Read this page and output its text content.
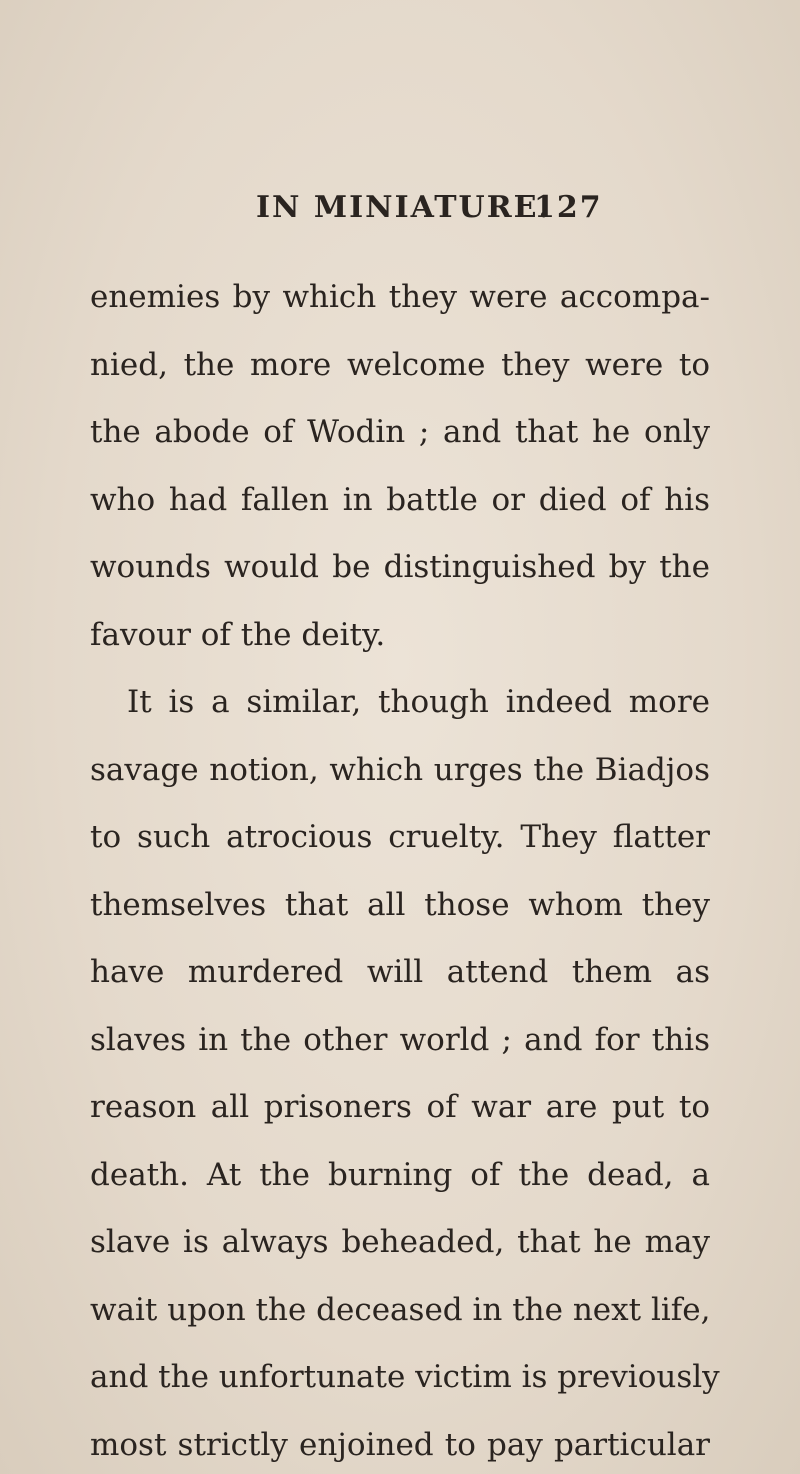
IN MINIATURE.
127
enemies by which they were accompa-
nied, the more welcome they were to
the abode of Wodin ; and that he only
who had fallen in battle or died of his
wounds would be distinguished by the
favour of the deity.
It is a similar, though indeed more
savage notion, which urges the Biadjos
to such atrocious cruelty. They flatter
themselves that all those whom they
have murdered will attend them as
slaves in the other world ; and for this
reason all prisoners of war are put to
death. At the burning of the dead, a
slave is always beheaded, that he may
wait upon the deceased in the next life,
and the unfortunate victim is previously
most strictly enjoined to pay particular
